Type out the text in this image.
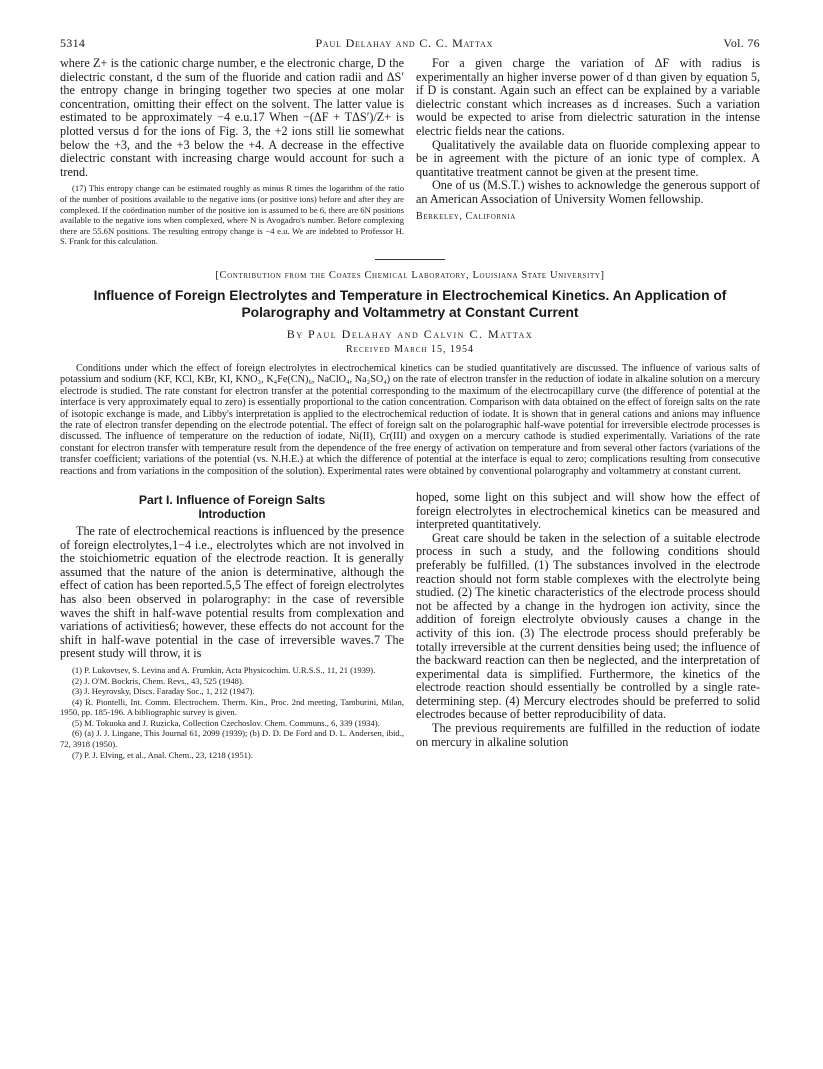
5314	Paul Delahay and C. C. Mattax	Vol. 76

where Z+ is the cationic charge number, e the electronic charge, D the dielectric constant, d the sum of the fluoride and cation radii and ΔS′ the entropy change in bringing together two species at one molar concentration, omitting their effect on the solvent. The latter value is estimated to be approximately −4 e.u.17 When −(ΔF + TΔS′)/Z+ is plotted versus d for the ions of Fig. 3, the +2 ions still lie somewhat below the +3, and the +3 below the +4. A decrease in the effective dielectric constant with increasing charge would account for such a trend.

(17) This entropy change can be estimated roughly as minus R times the logarithm of the ratio of the number of positions available to the negative ions (or positive ions) before and after they are complexed. If the coördination number of the positive ion is assumed to be 6, there are 6N positions available to the negative ions when complexed, where N is Avogadro's number. Before complexing there are 55.6N positions. The resulting entropy change is −4 e.u. We are indebted to Professor H. S. Frank for this calculation.

For a given charge the variation of ΔF with radius is experimentally an higher inverse power of d than given by equation 5, if D is constant. Again such an effect can be explained by a variable dielectric constant which increases as d increases. Such a variation would be expected to arise from dielectric saturation in the intense electric fields near the cations.

Qualitatively the available data on fluoride complexing appear to be in agreement with the picture of an ionic type of complex. A quantitative treatment cannot be given at the present time.

One of us (M.S.T.) wishes to acknowledge the generous support of an American Association of University Women fellowship.

Berkeley, California
[Contribution from the Coates Chemical Laboratory, Louisiana State University]
Influence of Foreign Electrolytes and Temperature in Electrochemical Kinetics. An Application of Polarography and Voltammetry at Constant Current
By Paul Delahay and Calvin C. Mattax
Received March 15, 1954

Conditions under which the effect of foreign electrolytes in electrochemical kinetics can be studied quantitatively are discussed. The influence of various salts of potassium and sodium (KF, KCl, KBr, KI, KNO₃, K₄Fe(CN)₆, NaClO₄, Na₂SO₄) on the rate of electron transfer in the reduction of iodate in alkaline solution on a mercury electrode is studied. The rate constant for electron transfer at the potential corresponding to the maximum of the electrocapillary curve (the difference of potential at the interface is very approximately equal to zero) is essentially proportional to the cation concentration. Comparison with data obtained on the effect of foreign salts on the rate of isotopic exchange is made, and Libby's interpretation is applied to the electrochemical reduction of iodate. It is shown that in general cations and anions may influence the rate of electron transfer depending on the electrode potential. The effect of foreign salt on the polarographic half-wave potential for irreversible electrode processes is discussed. The influence of temperature on the reduction of iodate, Ni(II), Cr(III) and oxygen on a mercury cathode is studied experimentally. Variations of the rate constant for electron transfer with temperature result from the dependence of the free energy of activation on temperature and from several other factors (variations of the transfer coefficient; variations of the potential (vs. N.H.E.) at which the difference of potential at the interface is equal to zero; complications resulting from consecutive reactions and from variations in the composition of the solution). Experimental rates were obtained by conventional polarography and voltammetry at constant current.

Part I. Influence of Foreign Salts
Introduction

The rate of electrochemical reactions is influenced by the presence of foreign electrolytes,1−4 i.e., electrolytes which are not involved in the stoichiometric equation of the electrode reaction. It is generally assumed that the nature of the anion is determinative, although the effect of cation has been reported.5,5 The effect of foreign electrolytes has also been observed in polarography: in the case of reversible waves the shift in half-wave potential results from complexation and variations of activities6; however, these effects do not account for the shift in half-wave potential in the case of irreversible waves.7 The present study will throw, it is

(1) P. Lukovtsev, S. Levina and A. Frumkin, Acta Physicochim. U.R.S.S., 11, 21 (1939).

(2) J. O'M. Bockris, Chem. Revs., 43, 525 (1948).

(3) J. Heyrovsky, Discs. Faraday Soc., 1, 212 (1947).

(4) R. Piontelli, Int. Comm. Electrochem. Therm. Kin., Proc. 2nd meeting, Tamburini, Milan, 1950, pp. 185-196. A bibliographic survey is given.

(5) M. Tokuoka and J. Ruzicka, Collection Czechoslov. Chem. Communs., 6, 339 (1934).

(6) (a) J. J. Lingane, This Journal 61, 2099 (1939); (b) D. D. De Ford and D. L. Andersen, ibid., 72, 3918 (1950).

(7) P. J. Elving, et al., Anal. Chem., 23, 1218 (1951).

hoped, some light on this subject and will show how the effect of foreign electrolytes in electrochemical kinetics can be measured and interpreted quantitatively.

Great care should be taken in the selection of a suitable electrode process in such a study, and the following conditions should preferably be fulfilled. (1) The substances involved in the electrode reaction should not form stable complexes with the electrolyte being studied. (2) The kinetic characteristics of the electrode process should not be affected by a change in the hydrogen ion activity, since the addition of foreign electrolyte obviously causes a change in the activity of this ion. (3) The electrode process should preferably be totally irreversible at the current densities being used; the influence of the backward reaction can then be neglected, and the interpretation of experimental data is simplified. Furthermore, the kinetics of the electrode reaction should essentially be controlled by a single rate-determining step. (4) Mercury electrodes should be preferred to solid electrodes because of better reproducibility of data.

The previous requirements are fulfilled in the reduction of iodate on mercury in alkaline solution
